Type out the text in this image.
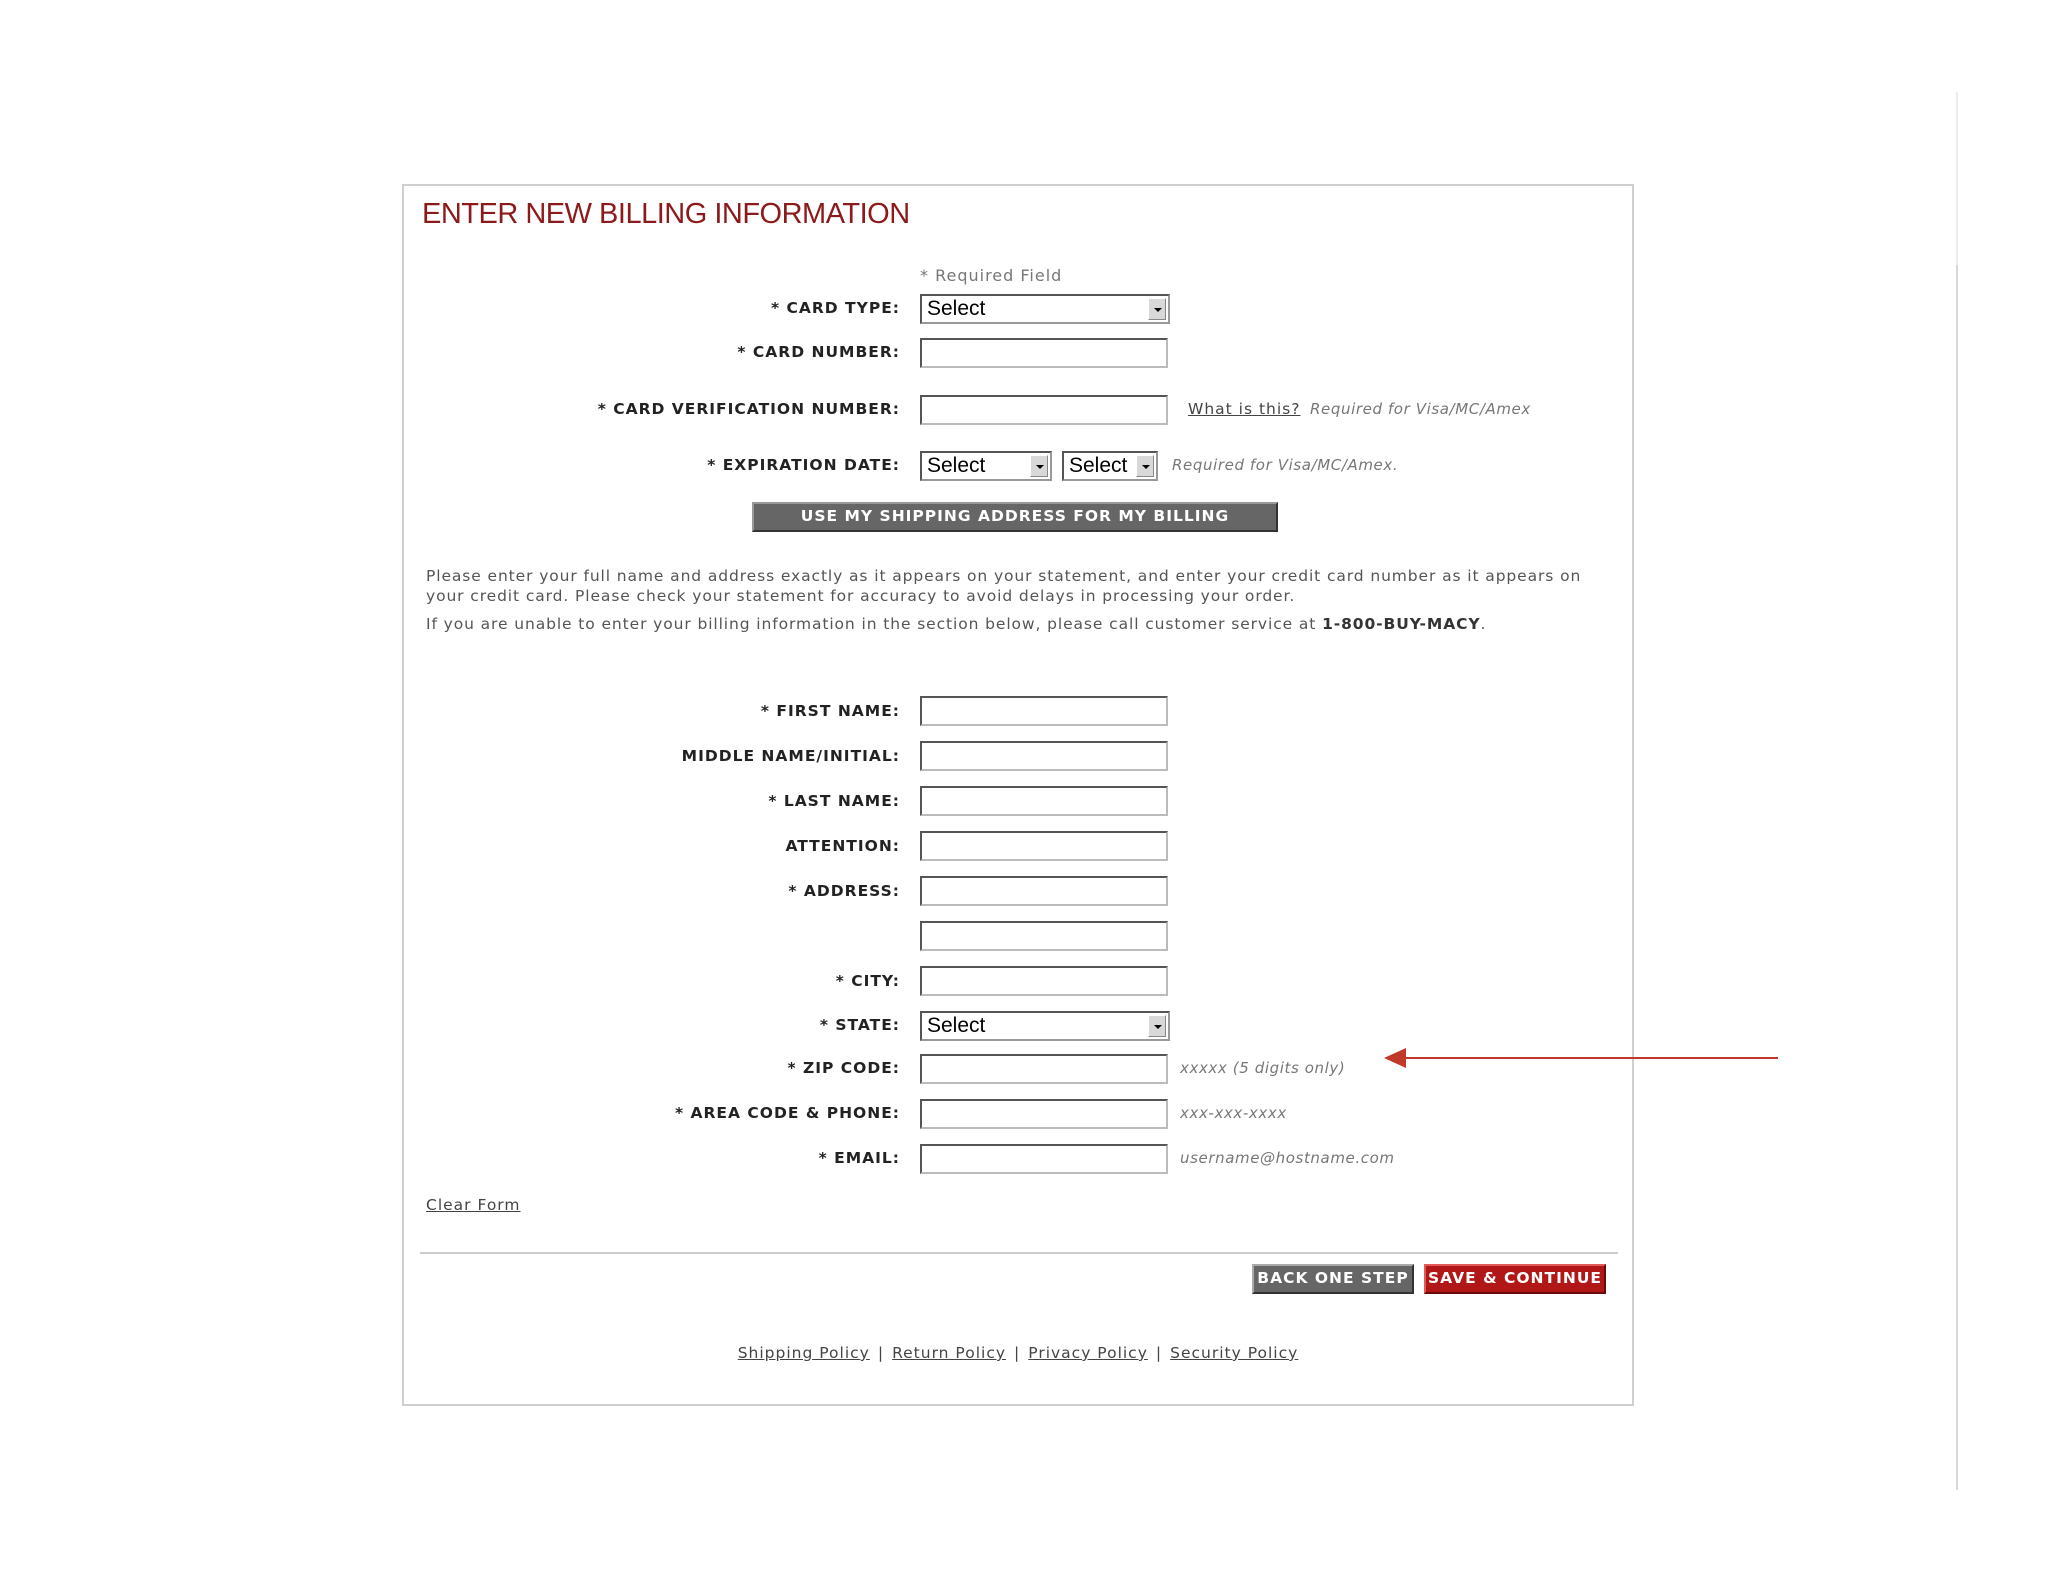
ENTER NEW BILLING INFORMATION
* Required Field
* CARD TYPE:	Select
* CARD NUMBER:
* CARD VERIFICATION NUMBER:	What is this? Required for Visa/MC/Amex
* EXPIRATION DATE:	Select	Select	Required for Visa/MC/Amex.
USE MY SHIPPING ADDRESS FOR MY BILLING ADDRESS
Please enter your full name and address exactly as it appears on your statement, and enter your credit card number as it appears on your credit card. Please check your statement for accuracy to avoid delays in processing your order.
If you are unable to enter your billing information in the section below, please call customer service at 1-800-BUY-MACY.
* FIRST NAME:
MIDDLE NAME/INITIAL:
* LAST NAME:
ATTENTION:
* ADDRESS:
* CITY:
* STATE:	Select
* ZIP CODE:	xxxxx (5 digits only)
* AREA CODE & PHONE:	xxx-xxx-xxxx
* EMAIL:	username@hostname.com
Clear Form
BACK ONE STEP	SAVE & CONTINUE
Shipping Policy | Return Policy | Privacy Policy | Security Policy
